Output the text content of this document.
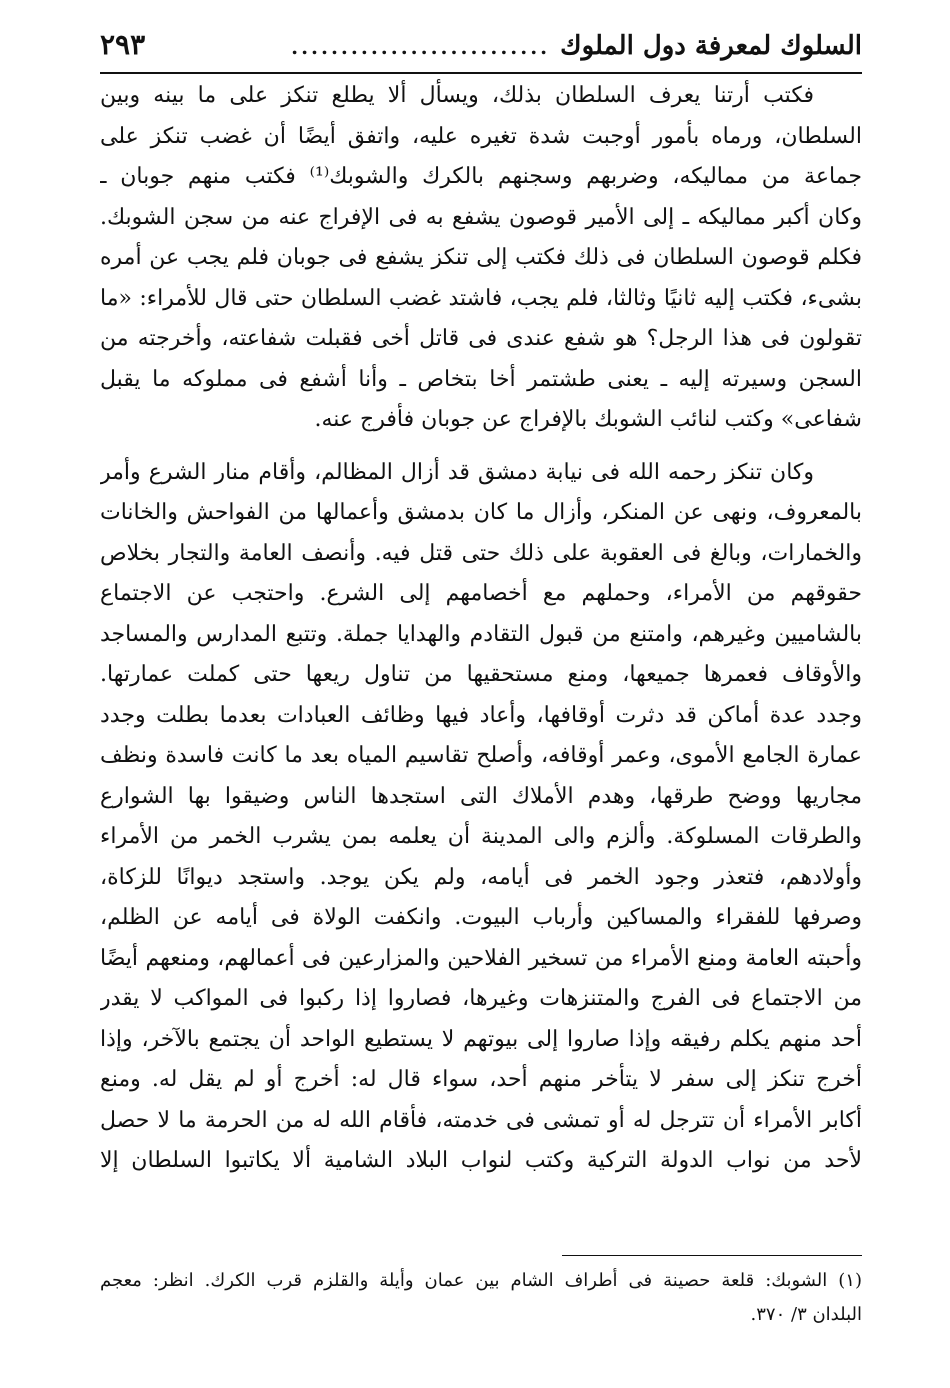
السلوك لمعرفة دول الملوك
..........................
٢٩٣
فكتب أرتنا يعرف السلطان بذلك، ويسأل ألا يطلع تنكز على ما بينه وبين
السلطان، ورماه بأمور أوجبت شدة تغيره عليه، واتفق أيضًا أن غضب تنكز على
جماعة من مماليكه، وضربهم وسجنهم بالكرك والشوبك⁽¹⁾ فكتب منهم جوبان ـ
وكان أكبر مماليكه ـ إلى الأمير قوصون يشفع به فى الإفراج عنه من سجن الشوبك.
فكلم قوصون السلطان فى ذلك فكتب إلى تنكز يشفع فى جوبان فلم يجب عن أمره
بشىء، فكتب إليه ثانيًا وثالثا، فلم يجب، فاشتد غضب السلطان حتى قال للأمراء: «ما
تقولون فى هذا الرجل؟ هو شفع عندى فى قاتل أخى فقبلت شفاعته، وأخرجته من
السجن وسيرته إليه ـ يعنى طشتمر أخا بتخاص ـ وأنا أشفع فى مملوكه ما يقبل
شفاعى» وكتب لنائب الشوبك بالإفراج عن جوبان فأفرج عنه.
وكان تنكز رحمه الله فى نيابة دمشق قد أزال المظالم، وأقام منار الشرع وأمر
بالمعروف، ونهى عن المنكر، وأزال ما كان بدمشق وأعمالها من الفواحش والخانات
والخمارات، وبالغ فى العقوبة على ذلك حتى قتل فيه. وأنصف العامة والتجار بخلاص
حقوقهم من الأمراء، وحملهم مع أخصامهم إلى الشرع. واحتجب عن الاجتماع
بالشاميين وغيرهم، وامتنع من قبول التقادم والهدايا جملة. وتتبع المدارس والمساجد
والأوقاف فعمرها جميعها، ومنع مستحقيها من تناول ريعها حتى كملت عمارتها.
وجدد عدة أماكن قد دثرت أوقافها، وأعاد فيها وظائف العبادات بعدما بطلت وجدد
عمارة الجامع الأموى، وعمر أوقافه، وأصلح تقاسيم المياه بعد ما كانت فاسدة ونظف
مجاريها ووضح طرقها، وهدم الأملاك التى استجدها الناس وضيقوا بها الشوارع
والطرقات المسلوكة. وألزم والى المدينة أن يعلمه بمن يشرب الخمر من الأمراء
وأولادهم، فتعذر وجود الخمر فى أيامه، ولم يكن يوجد. واستجد ديوانًا للزكاة،
وصرفها للفقراء والمساكين وأرباب البيوت. وانكفت الولاة فى أيامه عن الظلم،
وأحبته العامة ومنع الأمراء من تسخير الفلاحين والمزارعين فى أعمالهم، ومنعهم أيضًا
من الاجتماع فى الفرج والمتنزهات وغيرها، فصاروا إذا ركبوا فى المواكب لا يقدر
أحد منهم يكلم رفيقه وإذا صاروا إلى بيوتهم لا يستطيع الواحد أن يجتمع بالآخر، وإذا
أخرج تنكز إلى سفر لا يتأخر منهم أحد، سواء قال له: أخرج أو لم يقل له. ومنع
أكابر الأمراء أن تترجل له أو تمشى فى خدمته، فأقام الله له من الحرمة ما لا حصل
لأحد من نواب الدولة التركية وكتب لنواب البلاد الشامية ألا يكاتبوا السلطان إلا
(١) الشوبك: قلعة حصينة فى أطراف الشام بين عمان وأيلة والقلزم قرب الكرك. انظر: معجم
البلدان ٣/ ٣٧٠.
